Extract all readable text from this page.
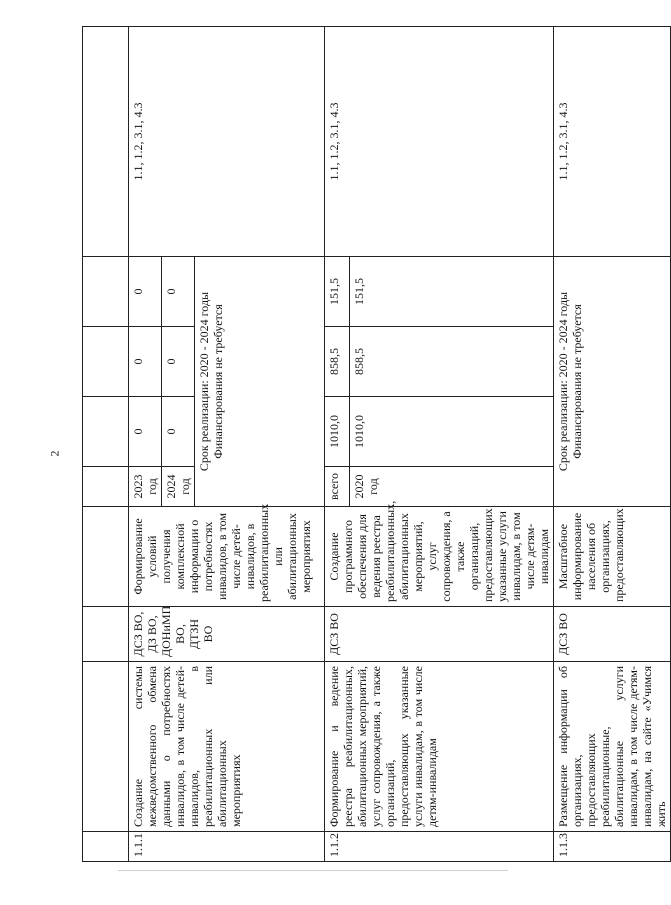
2

1.1.1	Создание системы межведомственного обмена данными о потребностях инвалидов, в том числе детей-инвалидов, в реабилитационных или абилитационных мероприятиях	ДСЗ ВО, ДЗ ВО, ДОНиМП ВО, ДТЗН ВО	Формирование условий получения комплексной информации о потребностях инвалидов, в том числе детей-инвалидов, в реабилитационных или абилитационных мероприятиях	2023 год	0	0	0	1.1, 1.2, 3.1, 4.3
				2024 год	0	0	0	

				Срок реализации: 2020 - 2024 годы Финансирования не требуется				

1.1.2	Формирование и ведение реестра реабилитационных, абилитационных мероприятий, услуг сопровождения, а также организаций, предоставляющих указанные услуги инвалидам, в том числе детям-инвалидам	ДСЗ ВО	Создание программного обеспечения для ведения реестра реабилитационных, абилитационных мероприятий, услуг сопровождения, а также организаций, предоставляющих указанные услуги инвалидам, в том числе детям-инвалидам	всего	1010,0	858,5	151,5	1.1, 1.2, 3.1, 4.3
				2020 год	1010,0	858,5	151,5	
1.1.3	Размещение информации об организациях, предоставляющих реабилитационные, абилитационные услуги инвалидам, в том числе детям-инвалидам, на сайте «Учимся жить	ДСЗ ВО	Масштабное информирование населения об организациях, предоставляющих	Срок реализации: 2020 - 2024 годы Финансирования не требуется				1.1, 1.2, 3.1, 4.3
